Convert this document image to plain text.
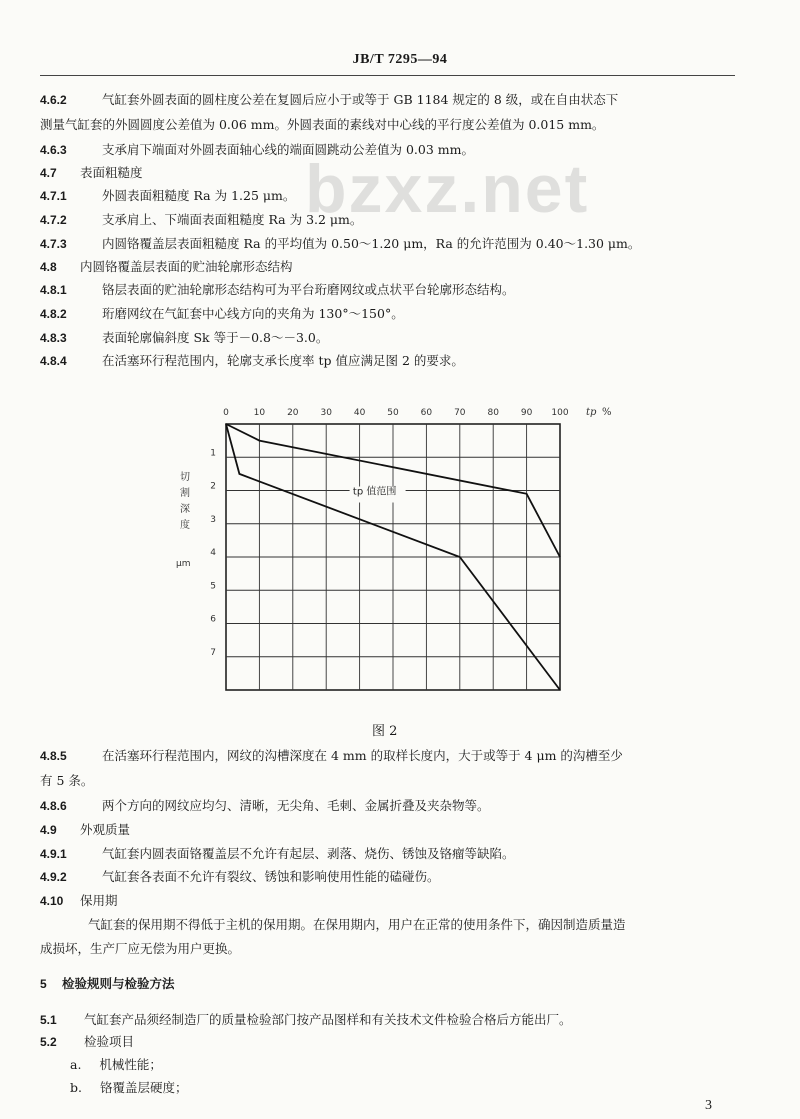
JB/T 7295—94
bzxz.net
4.6.2	气缸套外圆表面的圆柱度公差在复圆后应小于或等于 GB 1184 规定的 8 级，或在自由状态下
测量气缸套的外圆圆度公差值为 0.06 mm。外圆表面的素线对中心线的平行度公差值为 0.015 mm。
4.6.3	支承肩下端面对外圆表面轴心线的端面圆跳动公差值为 0.03 mm。
4.7 表面粗糙度
4.7.1	外圆表面粗糙度 Ra 为 1.25 μm。
4.7.2	支承肩上、下端面表面粗糙度 Ra 为 3.2 μm。
4.7.3	内圆铬覆盖层表面粗糙度 Ra 的平均值为 0.50～1.20 μm，Ra 的允许范围为 0.40～1.30 μm。
4.8 内圆铬覆盖层表面的贮油轮廓形态结构
4.8.1	铬层表面的贮油轮廓形态结构可为平台珩磨网纹或点状平台轮廓形态结构。
4.8.2	珩磨网纹在气缸套中心线方向的夹角为 130°～150°。
4.8.3	表面轮廓偏斜度 Sk 等于－0.8～－3.0。
4.8.4	在活塞环行程范围内，轮廓支承长度率 tp 值应满足图 2 的要求。
0	10 20 30 40 50 60 70 80 90 100
1
2
3
4
5
6
7
tp %
切
割
深
度
μm
tp 值范围
图 2
4.8.5	在活塞环行程范围内，网纹的沟槽深度在 4 mm 的取样长度内，大于或等于 4 μm 的沟槽至少
有 5 条。
4.8.6	两个方向的网纹应均匀、清晰，无尖角、毛刺、金属折叠及夹杂物等。
4.9 外观质量
4.9.1	气缸套内圆表面铬覆盖层不允许有起层、剥落、烧伤、锈蚀及铬瘤等缺陷。
4.9.2	气缸套各表面不允许有裂纹、锈蚀和影响使用性能的磕碰伤。
4.10 保用期
气缸套的保用期不得低于主机的保用期。在保用期内，用户在正常的使用条件下，确因制造质量造
成损坏，生产厂应无偿为用户更换。
5 检验规则与检验方法
5.1 气缸套产品须经制造厂的质量检验部门按产品图样和有关技术文件检验合格后方能出厂。
5.2 检验项目
a. 机械性能；
b. 铬覆盖层硬度；
3
